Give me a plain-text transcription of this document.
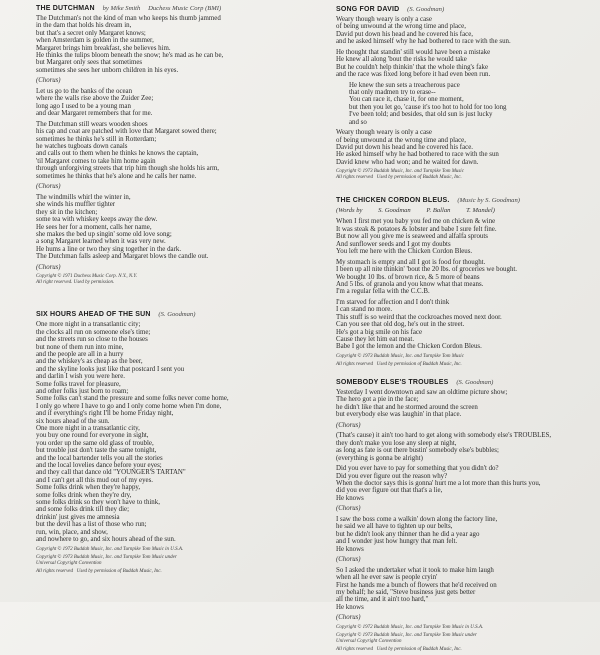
THE DUTCHMAN by Mike Smith Duchess Music Corp (BMI)

The Dutchman's not the kind of man who keeps his thumb jammed
in the dam that holds his dream in,
but that's a secret only Margaret knows;
when Amsterdam is golden in the summer,
Margaret brings him breakfast, she believes him.
He thinks the tulips bloom beneath the snow; he's mad as he can be,
but Margaret only sees that sometimes
sometimes she sees her unborn children in his eyes.

(Chorus)

Let us go to the banks of the ocean
where the walls rise above the Zuider Zee;
long ago I used to be a young man
and dear Margaret remembers that for me.

The Dutchman still wears wooden shoes
his cap and coat are patched with love that Margaret sowed there;
sometimes he thinks he's still in Rotterdam;
he watches tugboats down canals
and calls out to them when he thinks he knows the captain,
'til Margaret comes to take him home again
through unforgiving streets that trip him though she holds his arm,
sometimes he thinks that he's alone and he calls her name.

(Chorus)

The windmills whirl the winter in,
she winds his muffler tighter
they sit in the kitchen;
some tea with whiskey keeps away the dew.
He sees her for a moment, calls her name,
she makes the bed up singin' some old love song;
a song Margaret learned when it was very new.
He hums a line or two they sing together in the dark.
The Dutchman falls asleep and Margaret blows the candle out.

(Chorus)

Copyright © 1971 Duchess Music Corp. N.Y., N.Y.
All right reserved. Used by permission.

SIX HOURS AHEAD OF THE SUN (S. Goodman)

One more night in a transatlantic city;
the clocks all run on someone else's time;
and the streets run so close to the houses
but none of them run into mine,
and the people are all in a hurry
and the whiskey's as cheap as the beer,
and the skyline looks just like that postcard I sent you
and darlin I wish you were here.
Some folks travel for pleasure,
and other folks just born to roam;
Some folks can't stand the pressure and some folks never come home,
I only go where I have to go and I only come home when I'm done,
and if everything's right I'll be home Friday night,
six hours ahead of the sun.
One more night in a transatlantic city,
you buy one round for everyone in sight,
you order up the same old glass of trouble,
but trouble just don't taste the same tonight,
and the local bartender tells you all the stories
and the local lovelies dance before your eyes;
and they call that dance old "YOUNGER'S TARTAN"
and I can't get all this mud out of my eyes.
Some folks drink when they're happy,
some folks drink when they're dry,
some folks drink so they won't have to think,
and some folks drink till they die;
drinkin' just gives me amnesia
but the devil has a list of those who run;
run, win, place, and show,
and nowhere to go, and six hours ahead of the sun.

Copyright © 1972 Buddah Music, Inc. and Turnpike Tom Music in U.S.A.

Copyright © 1973 Buddah Music, Inc. and Turnpike Tom Music under
Universal Copyright Convention

All rights reserved   Used by permission of Buddah Music, Inc.

SONG FOR DAVID (S. Goodman)

Weary though weary is only a case
of being unwound at the wrong time and place,
David put down his head and he covered his face,
and he asked himself why he had bothered to race with the sun.

He thought that standin' still would have been a mistake
He knew all along 'bout the risks he would take
But he couldn't help thinkin' that the whole thing's fake
and the race was fixed long before it had even been run.

He knew the sun sets a treacherous pace
that only madmen try to erase--
You can race it, chase it, for one moment,
but then you let go, 'cause it's too hot to hold for too long
I've been told; and besides, that old sun is just lucky
and so

Weary though weary is only a case
of being unwound at the wrong time and place,
David put down his head and he covered his face.
He asked himself why he had bothered to race with the sun
David knew who had won; and he waited for dawn.

Copyright © 1973 Buddah Music, Inc. and Turnpike Tom Music
All rights reserved   Used by permission of Buddah Music, Inc.

THE CHICKEN CORDON BLEUS. (Music by S. Goodman)
(Words by S. Goodman P. Ballan T. Mandel)

When I first met you baby you fed me on chicken & wine
It was steak & potatoes & lobster and babe I sure felt fine.
But now all you give me is seaweed and alfalfa sprouts
And sunflower seeds and I got my doubts
You left me here with the Chicken Cordon Bleus.

My stomach is empty and all I got is food for thought.
I been up all nite thinkin' 'bout the 20 lbs. of groceries we bought.
We bought 10 lbs. of brown rice, & 5 more of beans
And 5 lbs. of granola and you know what that means.
I'm a regular fella with the C.C.B.

I'm starved for affection and I don't think
I can stand no more.
This stuff is so weird that the cockroaches moved next door.
Can you see that old dog, he's out in the street.
He's got a big smile on his face
Cause they let him eat meat.
Babe I got the lemon and the Chicken Cordon Bleus.

Copyright © 1973 Buddah Music, Inc. and Turnpike Tom Music

All rights reserved   Used by permission of Buddah Music, Inc.

SOMEBODY ELSE'S TROUBLES (S. Goodman)

Yesterday I went downtown and saw an oldtime picture show;
The hero got a pie in the face;
he didn't like that and he stormed around the screen
but everybody else was laughin' in that place.

(Chorus)

(That's cause) it ain't too hard to get along with somebody else's TROUBLES,
they don't make you lose any sleep at night,
as long as fate is out there bustin' somebody else's bubbles;
(everything is gonna be alright)

Did you ever have to pay for something that you didn't do?
Did you ever figure out the reason why?
When the doctor says this is gonna' hurt me a lot more than this hurts you,
did you ever figure out that that's a lie,
He knows

(Chorus)

I saw the boss come a walkin' down along the factory line,
he said we all have to tighten up our belts,
but he didn't look any thinner than he did a year ago
and I wonder just how hungry that man felt.
He knows

(Chorus)

So I asked the undertaker what it took to make him laugh
when all he ever saw is people cryin'
First he hands me a bunch of flowers that he'd received on
my behalf; he said, "Steve business just gets better
all the time, and it ain't too hard,"
He knows

(Chorus)

Copyright © 1972 Buddah Music, Inc. and Turnpike Tom Music in U.S.A.

Copyright © 1973 Buddah Music, Inc. and Turnpike Tom Music under
Universal Copyright Convention

All rights reserved   Used by permission of Buddah Music, Inc.
